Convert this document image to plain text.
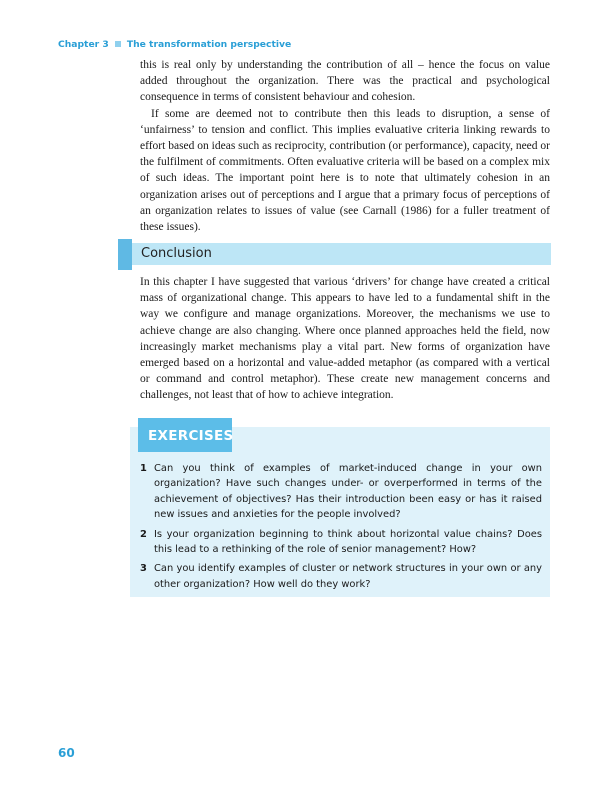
Chapter 3 The transformation perspective

this is real only by understanding the contribution of all – hence the focus on value added throughout the organization. There was the practical and psychological consequence in terms of consistent behaviour and cohesion.

If some are deemed not to contribute then this leads to disruption, a sense of ‘unfairness’ to tension and conflict. This implies evaluative criteria linking rewards to effort based on ideas such as reciprocity, contribution (or performance), capacity, need or the fulfilment of commitments. Often evaluative criteria will be based on a complex mix of such ideas. The important point here is to note that ultimately cohesion in an organization arises out of perceptions and I argue that a primary focus of perceptions of an organization relates to issues of value (see Carnall (1986) for a fuller treatment of these issues).

Conclusion

In this chapter I have suggested that various ‘drivers’ for change have created a critical mass of organizational change. This appears to have led to a fundamental shift in the way we configure and manage organizations. Moreover, the mechanisms we use to achieve change are also changing. Where once planned approaches held the field, now increasingly market mechanisms play a vital part. New forms of organization have emerged based on a horizontal and value-added metaphor (as compared with a vertical or command and control metaphor). These create new management concerns and challenges, not least that of how to achieve integration.

EXERCISES
1 Can you think of examples of market-induced change in your own organization? Have such changes under- or overperformed in terms of the achievement of objectives? Has their introduction been easy or has it raised new issues and anxieties for the people involved?
2 Is your organization beginning to think about horizontal value chains? Does this lead to a rethinking of the role of senior management? How?
3 Can you identify examples of cluster or network structures in your own or any other organization? How well do they work?
60
